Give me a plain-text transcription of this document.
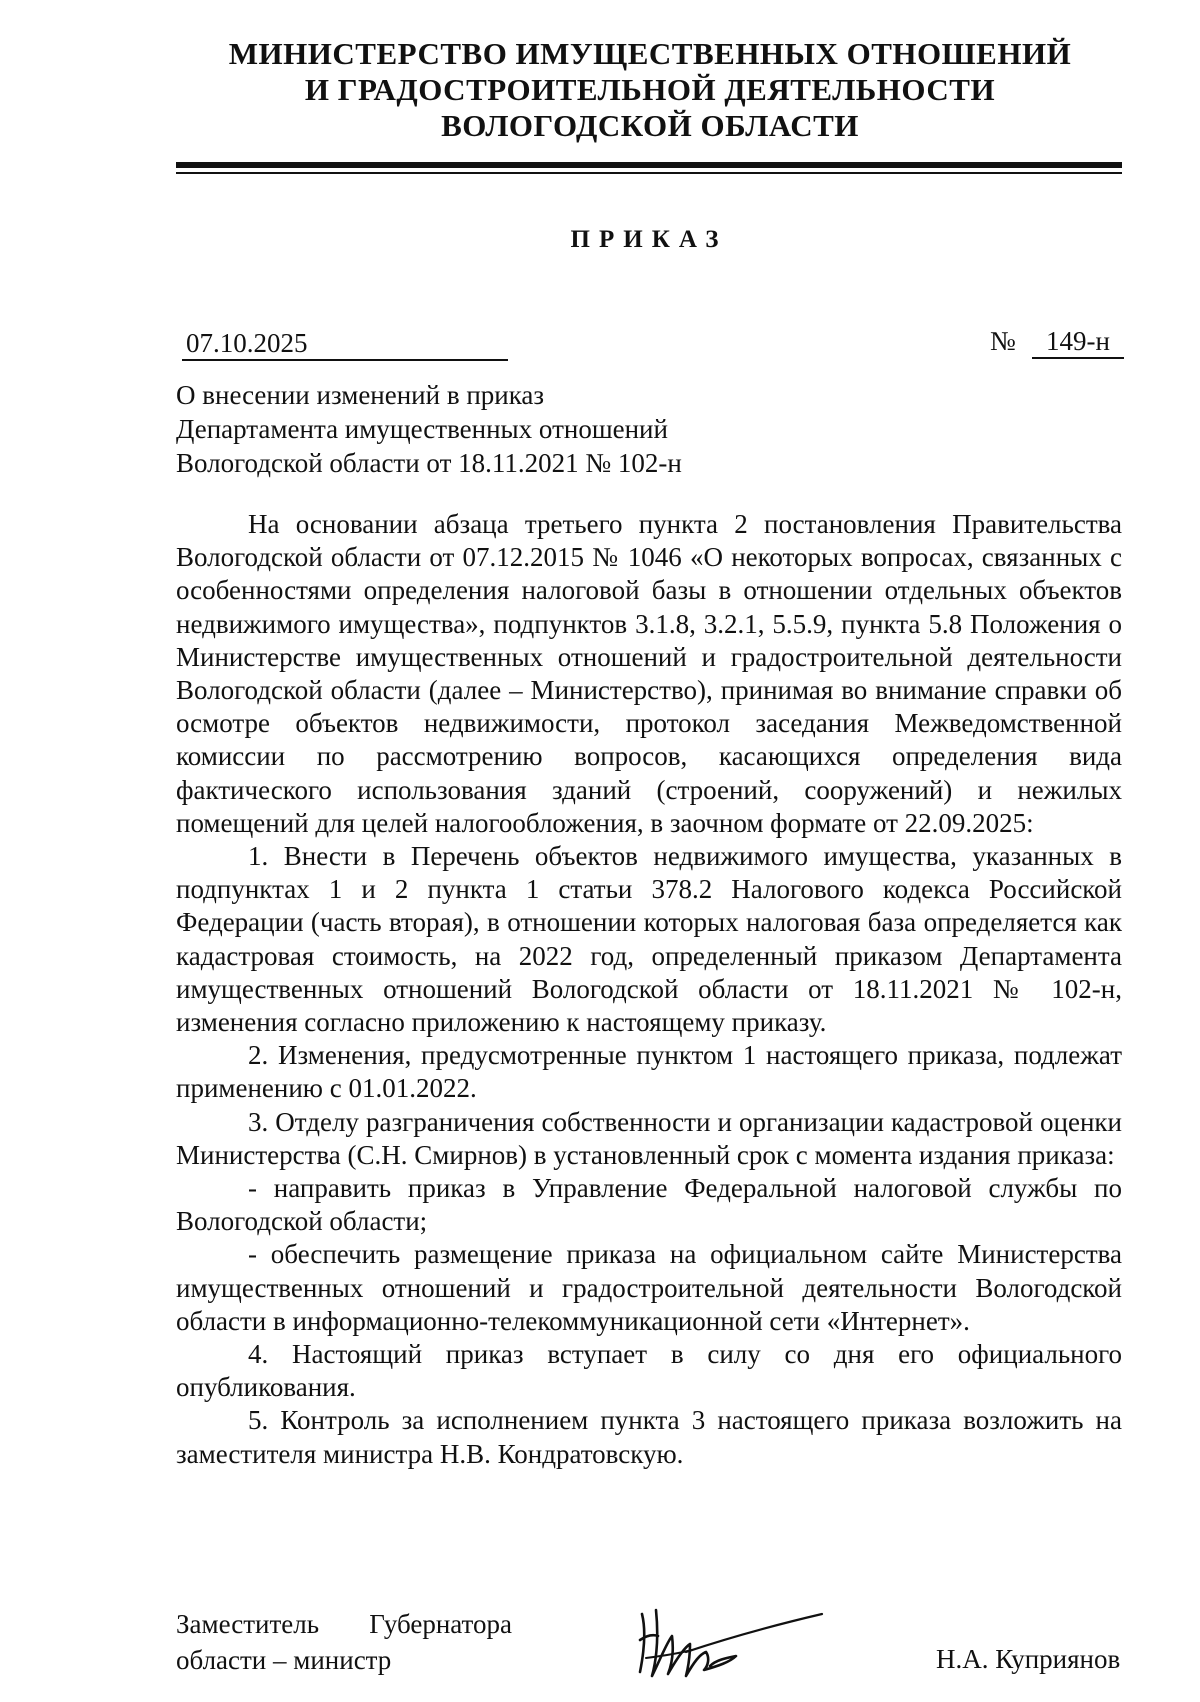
МИНИСТЕРСТВО ИМУЩЕСТВЕННЫХ ОТНОШЕНИЙ
И ГРАДОСТРОИТЕЛЬНОЙ ДЕЯТЕЛЬНОСТИ
ВОЛОГОДСКОЙ ОБЛАСТИ
ПРИКАЗ
07.10.2025	№ 149-н
О внесении изменений в приказ
Департамента имущественных отношений
Вологодской области от 18.11.2021 № 102-н

На основании абзаца третьего пункта 2 постановления Правительства Вологодской области от 07.12.2015 № 1046 «О некоторых вопросах, связанных с особенностями определения налоговой базы в отношении отдельных объектов недвижимого имущества», подпунктов 3.1.8, 3.2.1, 5.5.9, пункта 5.8 Положения о Министерстве имущественных отношений и градостроительной деятельности Вологодской области (далее – Министерство), принимая во внимание справки об осмотре объектов недвижимости, протокол заседания Межведомственной комиссии по рассмотрению вопросов, касающихся определения вида фактического использования зданий (строений, сооружений) и нежилых помещений для целей налогообложения, в заочном формате от 22.09.2025:

1. Внести в Перечень объектов недвижимого имущества, указанных в подпунктах 1 и 2 пункта 1 статьи 378.2 Налогового кодекса Российской Федерации (часть вторая), в отношении которых налоговая база определяется как кадастровая стоимость, на 2022 год, определенный приказом Департамента имущественных отношений Вологодской области от 18.11.2021 № 102-н, изменения согласно приложению к настоящему приказу.

2. Изменения, предусмотренные пунктом 1 настоящего приказа, подлежат применению с 01.01.2022.

3. Отделу разграничения собственности и организации кадастровой оценки Министерства (С.Н. Смирнов) в установленный срок с момента издания приказа:

- направить приказ в Управление Федеральной налоговой службы по Вологодской области;

- обеспечить размещение приказа на официальном сайте Министерства имущественных отношений и градостроительной деятельности Вологодской области в информационно-телекоммуникационной сети «Интернет».

4. Настоящий приказ вступает в силу со дня его официального опубликования.

5. Контроль за исполнением пункта 3 настоящего приказа возложить на заместителя министра Н.В. Кондратовскую.

Заместитель Губернатора
области – министр	Н.А. Куприянов
